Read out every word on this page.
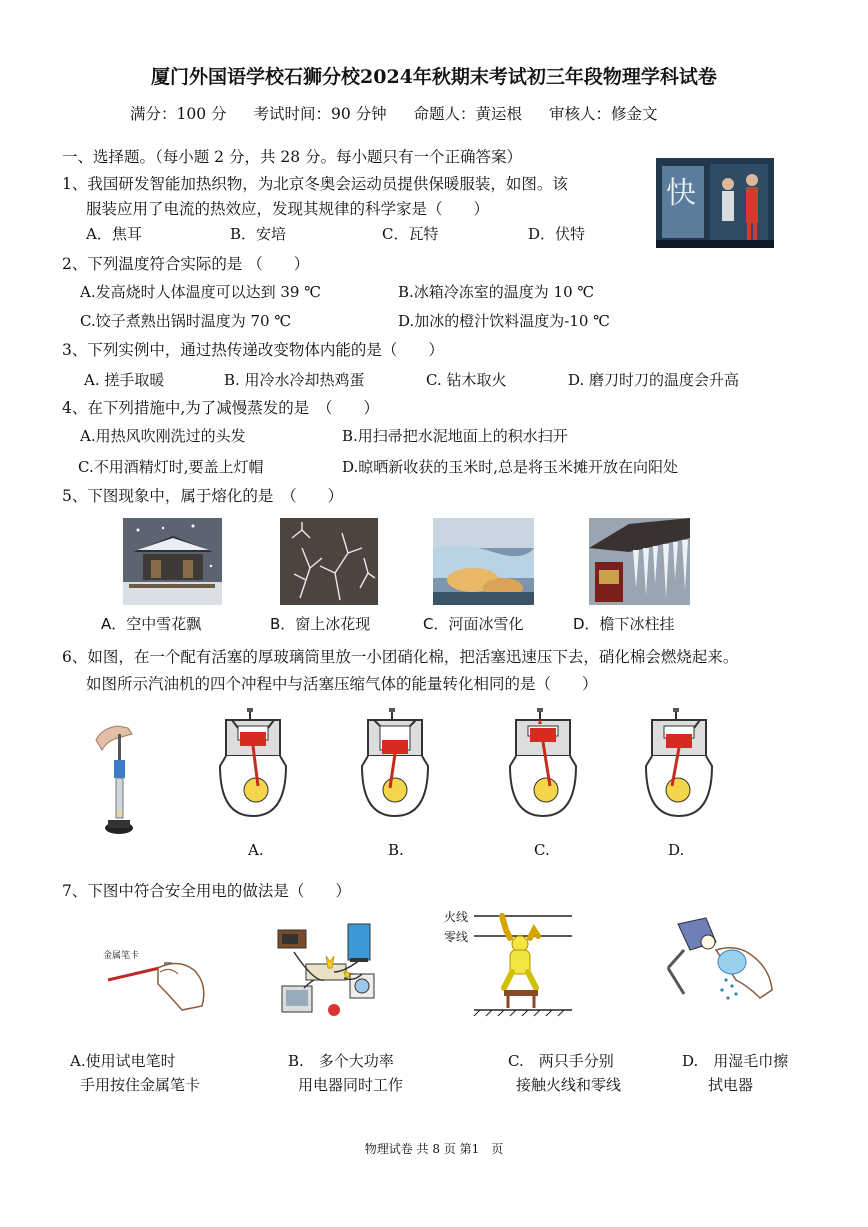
厦门外国语学校石狮分校2024年秋期末考试初三年段物理学科试卷
满分：100 分 考试时间：90 分钟 命题人：黄运根 审核人：修金文
一、选择题。（每小题 2 分，共 28 分。每小题只有一个正确答案）
1、我国研发智能加热织物，为北京冬奥会运动员提供保暖服装，如图。该
服装应用了电流的热效应，发现其规律的科学家是（　　）
A．焦耳	B．安培	C．瓦特	D．伏特
快
2、下列温度符合实际的是 （　　）
A.发高烧时人体温度可以达到 39 ℃	B.冰箱冷冻室的温度为 10 ℃
C.饺子煮熟出锅时温度为 70 ℃	D.加冰的橙汁饮料温度为-10 ℃
3、下列实例中，通过热传递改变物体内能的是（　　）
A. 搓手取暖	B. 用冷水冷却热鸡蛋	C. 钻木取火	D. 磨刀时刀的温度会升高
4、在下列措施中,为了减慢蒸发的是　（　　）
A.用热风吹刚洗过的头发	B.用扫帚把水泥地面上的积水扫开
C.不用酒精灯时,要盖上灯帽	D.晾晒新收获的玉米时,总是将玉米摊开放在向阳处
5、下图现象中，属于熔化的是　（　　）
A．空中雪花飘	B．窗上冰花现	C．河面冰雪化	D．檐下冰柱挂
6、如图，在一个配有活塞的厚玻璃筒里放一小团硝化棉，把活塞迅速压下去，硝化棉会燃烧起来。
如图所示汽油机的四个冲程中与活塞压缩气体的能量转化相同的是（　　）
A.	B.	C.	D.
7、下图中符合安全用电的做法是（　　）
金属笔卡
火线
零线
A.使用试电笔时
手用按住金属笔卡
B.　多个大功率
用电器同时工作
C.　两只手分别
接触火线和零线
D.　用湿毛巾擦
拭电器
物理试卷 共 8 页 第1　页
